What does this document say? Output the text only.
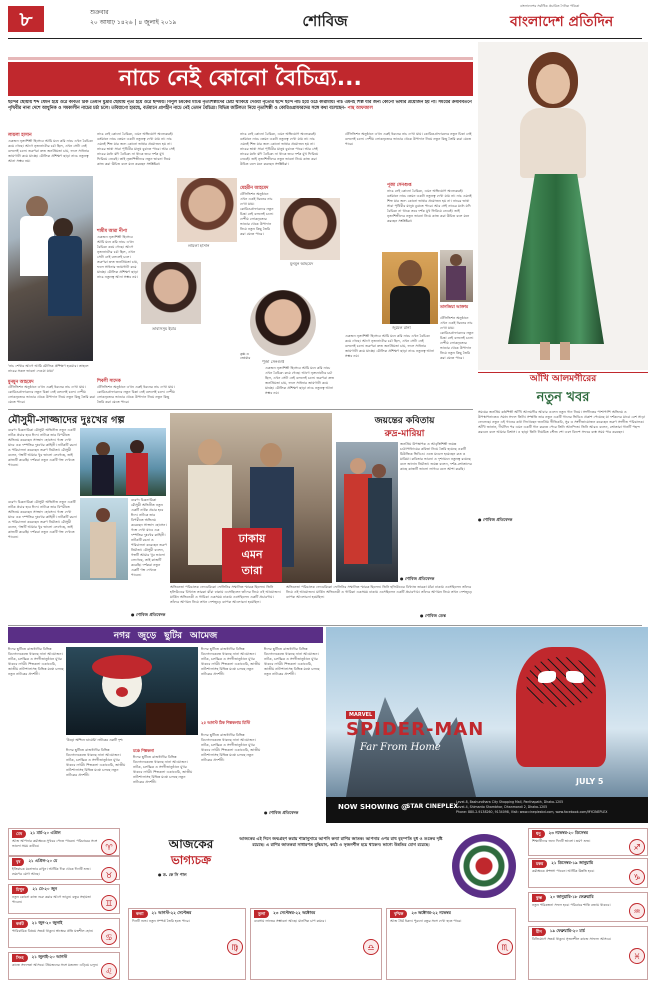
৮	শুক্রবার
২০ আষাঢ় ১৪২৬ | ৪ জুলাই ২০১৯	শোবিজ
বাংলাদেশের সর্বাধিক প্রচারিত দৈনিক পত্রিকা
বাংলাদেশ প্রতিদিন
নাচে নেই কোনো বৈচিত্র্য...
ছন্দের ছোঁয়ায় শব্দ যেমন হয়ে ওঠে কবিতা ঠিক তেমনি মুদ্রার ছোঁয়ায় নৃত্য হয়ে ওঠে ছন্দময়। বিপুল চমকের মাঝে নৃত্যশিল্পীদের চেষ্টা থাকিয়ে দেওয়া নৃত্যের ছন্দে ছন্দে নাচ হয়ে ওঠে কারামায়। নাচ এমনই শিল্প যার জন্য কোনো ভাষার প্রয়োজন হয় না। সময়ের ক্রমবিবর্তনে পৃথিবীর নানা দেশে আধুনিক ও সমকালীন নাচের চর্চা চলে। তবিয়াগো হারছে, বর্তমানে প্রাণহীন নাচে নেই তেমন বৈচিত্র্য। বিভিন্ন জটিলতা নিয়ে নৃত্যশিল্পী ও কোরিওগ্রাফারদের সঙ্গে কথা বলেছেন– পান্থ আফজাল
লায়লা হাসান
একজন নৃত্যশিল্পী হিসেবে আমি মনে করি নাচে এখন বৈচিত্র্য কমে গেছে। আগে নৃত্যনাট্যের চর্চা ছিল, এখন সেটা নেই বললেই চলে। তরুণরা দ্রুত জনপ্রিয়তা চায়, ফলে সাধনার জায়গাটা কমে যাচ্ছে। মৌলিক প্রশিক্ষণ ছাড়া নাচে নতুনত্ব আনা সম্ভব নয়।
নিরুপী-টিনা
'নাচ শেখার আগে আমি মৌলিক প্রশিক্ষণ হওয়ার। তাহলে নাচের সকল ভাবনা দেওয়া যায়।'
মুনমুন আহমেদ
টেলিভিশন অনুষ্ঠানে এখন একই ধরনের নাচ দেখা যায়। কোরিওগ্রাফারদের নতুন চিন্তা নেই বললেই চলে। দেশীয় লোকনৃত্যের ভাণ্ডার থেকে উপাদান নিয়ে নতুন কিছু তৈরি করা যেতে পারে।
নাচে নেই কোনো বৈচিত্র্য, এমন অভিযোগ অনেকেরই। বর্তমানে নাচে তেমন একটা নতুনত্ব দেখা যায় না। নাচ এমনই শিল্প যার জন্য কোনো ভাষার প্রয়োজন হয় না। নাচের ভাষা সারা পৃথিবীর মানুষ বুঝতে পারে। আর সেই নাচের মধ্যে যদি বৈচিত্র্য না থাকে তবে দর্শক মুখ ফিরিয়ে নেবেই। তাই নৃত্যশিল্পীদের নতুন ভাবনা নিয়ে কাজ করা উচিত বলে মনে করছেন সংশ্লিষ্টরা।
শামীম আরা নীপা
একজন নৃত্যশিল্পী হিসেবে আমি মনে করি নাচে এখন বৈচিত্র্য কমে গেছে। আগে নৃত্যনাট্যের চর্চা ছিল, এখন সেটা নেই বললেই চলে। তরুণরা দ্রুত জনপ্রিয়তা চায়, ফলে সাধনার জায়গাটা কমে যাচ্ছে। মৌলিক প্রশিক্ষণ ছাড়া নাচে নতুনত্ব আনা সম্ভব নয়।
শিবলী সাদেক
টেলিভিশন অনুষ্ঠানে এখন একই ধরনের নাচ দেখা যায়। কোরিওগ্রাফারদের নতুন চিন্তা নেই বললেই চলে। দেশীয় লোকনৃত্যের ভাণ্ডার থেকে উপাদান নিয়ে নতুন কিছু তৈরি করা যেতে পারে।
লায়লা হাসান
তাবাসসুম ইয়ার
নাচে নেই কোনো বৈচিত্র্য, এমন অভিযোগ অনেকেরই। বর্তমানে নাচে তেমন একটা নতুনত্ব দেখা যায় না। নাচ এমনই শিল্প যার জন্য কোনো ভাষার প্রয়োজন হয় না। নাচের ভাষা সারা পৃথিবীর মানুষ বুঝতে পারে। আর সেই নাচের মধ্যে যদি বৈচিত্র্য না থাকে তবে দর্শক মুখ ফিরিয়ে নেবেই। তাই নৃত্যশিল্পীদের নতুন ভাবনা নিয়ে কাজ করা উচিত বলে মনে করছেন সংশ্লিষ্টরা।
মেহরীন আহমেদ
টেলিভিশন অনুষ্ঠানে এখন একই ধরনের নাচ দেখা যায়। কোরিওগ্রাফারদের নতুন চিন্তা নেই বললেই চলে। দেশীয় লোকনৃত্যের ভাণ্ডার থেকে উপাদান নিয়ে নতুন কিছু তৈরি করা যেতে পারে।
মুনমুন আহমেদ
পূজা সেনগুপ্ত
কৃষ্ণ ও জোয়ার
একজন নৃত্যশিল্পী হিসেবে আমি মনে করি নাচে এখন বৈচিত্র্য কমে গেছে। আগে নৃত্যনাট্যের চর্চা ছিল, এখন সেটা নেই বললেই চলে। তরুণরা দ্রুত জনপ্রিয়তা চায়, ফলে সাধনার জায়গাটা কমে যাচ্ছে। মৌলিক প্রশিক্ষণ ছাড়া নাচে নতুনত্ব আনা সম্ভব নয়।
টেলিভিশন অনুষ্ঠানে এখন একই ধরনের নাচ দেখা যায়। কোরিওগ্রাফারদের নতুন চিন্তা নেই বললেই চলে। দেশীয় লোকনৃত্যের ভাণ্ডার থেকে উপাদান নিয়ে নতুন কিছু তৈরি করা যেতে পারে।
পূজা সেনগুপ্ত
নাচে নেই কোনো বৈচিত্র্য, এমন অভিযোগ অনেকেরই। বর্তমানে নাচে তেমন একটা নতুনত্ব দেখা যায় না। নাচ এমনই শিল্প যার জন্য কোনো ভাষার প্রয়োজন হয় না। নাচের ভাষা সারা পৃথিবীর মানুষ বুঝতে পারে। আর সেই নাচের মধ্যে যদি বৈচিত্র্য না থাকে তবে দর্শক মুখ ফিরিয়ে নেবেই। তাই নৃত্যশিল্পীদের নতুন ভাবনা নিয়ে কাজ করা উচিত বলে মনে করছেন সংশ্লিষ্টরা।
জুয়েল রানা
একজন নৃত্যশিল্পী হিসেবে আমি মনে করি নাচে এখন বৈচিত্র্য কমে গেছে। আগে নৃত্যনাট্যের চর্চা ছিল, এখন সেটা নেই বললেই চলে। তরুণরা দ্রুত জনপ্রিয়তা চায়, ফলে সাধনার জায়গাটা কমে যাচ্ছে। মৌলিক প্রশিক্ষণ ছাড়া নাচে নতুনত্ব আনা সম্ভব নয়।
তানজিয়া আক্তার
টেলিভিশন অনুষ্ঠানে এখন একই ধরনের নাচ দেখা যায়। কোরিওগ্রাফারদের নতুন চিন্তা নেই বললেই চলে। দেশীয় লোকনৃত্যের ভাণ্ডার থেকে উপাদান নিয়ে নতুন কিছু তৈরি করা যেতে পারে।
আঁখি আলমগীরের
নতুন খবর
সময়ের জনপ্রিয় কণ্ঠশিল্পী আঁখি আলমগীর আবার এলেন নতুন গান নিয়ে। সংগীতের পাশাপাশি অভিনয় ও উপস্থাপনাতেও সমান সফল তিনি। সম্প্রতি তার নতুন একটি গানের ভিডিও প্রকাশ পেয়েছে যা দর্শকদের মাঝে বেশ সাড়া ফেলেছে। নতুন এই গানের কথা লিখেছেন জনপ্রিয় গীতিকবি, সুর ও সংগীতায়োজন করেছেন তরুণ সংগীত পরিচালক। আঁখি জানান, দীর্ঘদিন পর এমন একটি গান করতে পেরে তিনি আনন্দিত। তিনি আরও বলেন, শ্রোতারা গানটি পছন্দ করবেন বলে আমার বিশ্বাস। এ ছাড়া তিনি নিয়মিত স্টেজ শো এবং বিদেশ সফরে ব্যস্ত সময় পার করছেন।
● শোবিজ প্রতিবেদক
মৌসুমী-সাজ্জাদের দুঃখের গল্প
বরেণ্য চিত্রনায়িকা মৌসুমী অভিনীত নতুন একটি নাটক প্রচার হবে ঈদে। নাটকে তার বিপরীতে অভিনয় করেছেন সাজ্জাদ হোসেন। গল্পে দেখা যাবে এক দম্পতির দুঃখের কাহিনী। নাটকটি রচনা ও পরিচালনা করেছেন তরুণ নির্মাতা। মৌসুমী বলেন, গল্পটি আমার খুব ভালো লেগেছে, তাই কাজটি করেছি। দর্শকরা নতুন একটি গল্প দেখতে পাবেন।
বরেণ্য চিত্রনায়িকা মৌসুমী অভিনীত নতুন একটি নাটক প্রচার হবে ঈদে। নাটকে তার বিপরীতে অভিনয় করেছেন সাজ্জাদ হোসেন। গল্পে দেখা যাবে এক দম্পতির দুঃখের কাহিনী। নাটকটি রচনা ও পরিচালনা করেছেন তরুণ নির্মাতা। মৌসুমী বলেন, গল্পটি আমার খুব ভালো লেগেছে, তাই কাজটি করেছি। দর্শকরা নতুন একটি গল্প দেখতে পাবেন।
বরেণ্য চিত্রনায়িকা মৌসুমী অভিনীত নতুন একটি নাটক প্রচার হবে ঈদে। নাটকে তার বিপরীতে অভিনয় করেছেন সাজ্জাদ হোসেন। গল্পে দেখা যাবে এক দম্পতির দুঃখের কাহিনী। নাটকটি রচনা ও পরিচালনা করেছেন তরুণ নির্মাতা। মৌসুমী বলেন, গল্পটি আমার খুব ভালো লেগেছে, তাই কাজটি করেছি। দর্শকরা নতুন একটি গল্প দেখতে পাবেন।
● শোবিজ প্রতিবেদক
ঢাকায়
এমন
তারা
অভিনেতা পরিচালক ফেডেরিকো ফেলিনির সম্মানিত স্মারক ছিলেন। তিনি হলিউডের বিখ্যাত তারকা যাঁরা ঢাকায় এসেছিলেন তাঁদের নিয়ে এই আয়োজন। মার্কিন অভিনেত্রী ও গায়িকা একসময় ঢাকায় এসেছিলেন একটি প্রচারণায়। তাঁদের আগমন নিয়ে তখন দেশজুড়ে ব্যাপক আলোচনা হয়েছিল।
অভিনেতা পরিচালক ফেডেরিকো ফেলিনির সম্মানিত স্মারক ছিলেন। তিনি হলিউডের বিখ্যাত তারকা যাঁরা ঢাকায় এসেছিলেন তাঁদের নিয়ে এই আয়োজন। মার্কিন অভিনেত্রী ও গায়িকা একসময় ঢাকায় এসেছিলেন একটি প্রচারণায়। তাঁদের আগমন নিয়ে তখন দেশজুড়ে ব্যাপক আলোচনা হয়েছিল।
● শোবিজ ডেস্ক
জয়ন্তের কবিতায়
রুদ্র-মারিয়া
জনপ্রিয় উপস্থাপক ও আবৃত্তিশিল্পী জয়ন্ত চট্টোপাধ্যায়ের কবিতা নিয়ে তৈরি হয়েছে একটি মিউজিক ভিডিও। এতে মডেল হয়েছেন রুদ্র ও মারিয়া। কবিতার ভাবনা ও দৃশ্যায়নে নতুনত্ব রয়েছে বলে জানান নির্মাতা। জয়ন্ত বলেন, দর্শক-শ্রোতাদের কাছে কাজটি ভালো লাগবে বলে আশা করছি।
● শোবিজ প্রতিবেদক
নগর জুড়ে ছুটির আমেজ
ঈদের ছুটিতে রাজধানীর বিভিন্ন বিনোদনকেন্দ্রে থাকছে নানা আয়োজন। নাটক, চলচ্চিত্র ও সংগীতানুষ্ঠানে মুখর থাকবে নগরী। শিল্পকলা একাডেমি, জাতীয় নাট্যশালাসহ বিভিন্ন মঞ্চে চলছে নতুন নাটকের প্রদর্শনী।
'উড়ো অশিনে ডায়েরি' নাটকের একটি দৃশ্য
ঈদের ছুটিতে রাজধানীর বিভিন্ন বিনোদনকেন্দ্রে থাকছে নানা আয়োজন। নাটক, চলচ্চিত্র ও সংগীতানুষ্ঠানে মুখর থাকবে নগরী। শিল্পকলা একাডেমি, জাতীয় নাট্যশালাসহ বিভিন্ন মঞ্চে চলছে নতুন নাটকের প্রদর্শনী।
মঞ্চে শিল্পকলা
ঈদের ছুটিতে রাজধানীর বিভিন্ন বিনোদনকেন্দ্রে থাকছে নানা আয়োজন। নাটক, চলচ্চিত্র ও সংগীতানুষ্ঠানে মুখর থাকবে নগরী। শিল্পকলা একাডেমি, জাতীয় নাট্যশালাসহ বিভিন্ন মঞ্চে চলছে নতুন নাটকের প্রদর্শনী।
ঈদের ছুটিতে রাজধানীর বিভিন্ন বিনোদনকেন্দ্রে থাকছে নানা আয়োজন। নাটক, চলচ্চিত্র ও সংগীতানুষ্ঠানে মুখর থাকবে নগরী। শিল্পকলা একাডেমি, জাতীয় নাট্যশালাসহ বিভিন্ন মঞ্চে চলছে নতুন নাটকের প্রদর্শনী।
২৫ আগস্ট ঠিক শিল্পকলায় মিস্টি
ঈদের ছুটিতে রাজধানীর বিভিন্ন বিনোদনকেন্দ্রে থাকছে নানা আয়োজন। নাটক, চলচ্চিত্র ও সংগীতানুষ্ঠানে মুখর থাকবে নগরী। শিল্পকলা একাডেমি, জাতীয় নাট্যশালাসহ বিভিন্ন মঞ্চে চলছে নতুন নাটকের প্রদর্শনী।
ঈদের ছুটিতে রাজধানীর বিভিন্ন বিনোদনকেন্দ্রে থাকছে নানা আয়োজন। নাটক, চলচ্চিত্র ও সংগীতানুষ্ঠানে মুখর থাকবে নগরী। শিল্পকলা একাডেমি, জাতীয় নাট্যশালাসহ বিভিন্ন মঞ্চে চলছে নতুন নাটকের প্রদর্শনী।
● শোবিজ প্রতিবেদক
MARVEL
SPIDER-MAN
Far From Home
JULY 5
NOW SHOWING @
STAR CINEPLEX
Level-8, Bashundhara City Shopping Mall, Panthapath, Dhaka-1205
Level-4, Shimanto Shambhar, Dhanmondi 2, Dhaka-1205
Phone: 880-2-9138260, 9134098, Visit: www.cineplexbd.com, www.facebook.com/MYCINEPLEX
আজকের
ভাগ্যচক্র
● ড. কে সি পাল
আজকের এই দিনে জন্মগ্রহণ করায় শাস্ত্রানুসারে আপনি কন্যা রাশির জাতক। আপনার ওপর রাহু বৃহস্পতি বুধ ও শুক্রের দৃষ্টি রয়েছে। এ রাশির জাতকরা সাধারণত বুদ্ধিমান, কর্মঠ ও সৃজনশীল হয়ে থাকেন। ভাগ্যে উন্নতির যোগ রয়েছে।
মেষ	২১ মার্চ-২০ এপ্রিল
আজ আপনার কর্মক্ষেত্রে সুখবর পেতে পারেন। পরিবারের সঙ্গে ভালো সময় কাটবে।	♈
বৃষ	২১ এপ্রিল-২০ মে
ইতিবাচক মনোভাব রাখুন। আর্থিক দিক থেকে দিনটি শুভ। ভ্রমণের যোগ আছে।	♉
মিথুন	২১ মে-২০ জুন
নতুন কোনো কাজ শুরু করার আগে ভাবুন। বন্ধুর সহায়তা পাবেন।	♊
কর্কট	২১ জুন-২০ জুলাই
পারিবারিক বিষয়ে সতর্ক থাকুন। স্বাস্থ্যের প্রতি যত্নশীল হোন।
♋
সিংহ	২১ জুলাই-২০ আগস্ট
কাজে সফলতা আসবে। প্রিয়জনের সঙ্গে মতভেদ এড়িয়ে চলুন।
♌
কন্যা	২১ আগস্ট-২২ সেপ্টেম্বর
দিনটি শুভ। নতুন সম্পর্ক তৈরি হতে পারে।
♍
তুলা	২৩ সেপ্টেম্বর-২২ অক্টোবর
ব্যবসায় লাভের সম্ভাবনা আছে। মানসিক চাপ কমবে।
♎
বৃশ্চিক	২৩ অক্টোবর-২২ নভেম্বর
আজ ধৈর্য ধরুন। পুরনো বন্ধুর সঙ্গে দেখা হতে পারে।
♏
ধনু	২৩ নভেম্বর-২০ ডিসেম্বর
শিক্ষার্থীদের জন্য দিনটি ভালো। ভ্রমণ শুভ।
♐
মকর	২১ ডিসেম্বর-১৯ জানুয়ারি
কর্মক্ষেত্রে প্রশংসা পাবেন। আর্থিক উন্নতি হবে।
♑
কুম্ভ	২০ জানুয়ারি-১৮ ফেব্রুয়ারি
নতুন পরিকল্পনা সফল হবে। পরিবারে শান্তি বজায় থাকবে।
♒
মীন	১৯ ফেব্রুয়ারি-২০ মার্চ
বিনিয়োগে সতর্ক থাকুন। সৃজনশীল কাজে সাফল্য আসবে।
♓
